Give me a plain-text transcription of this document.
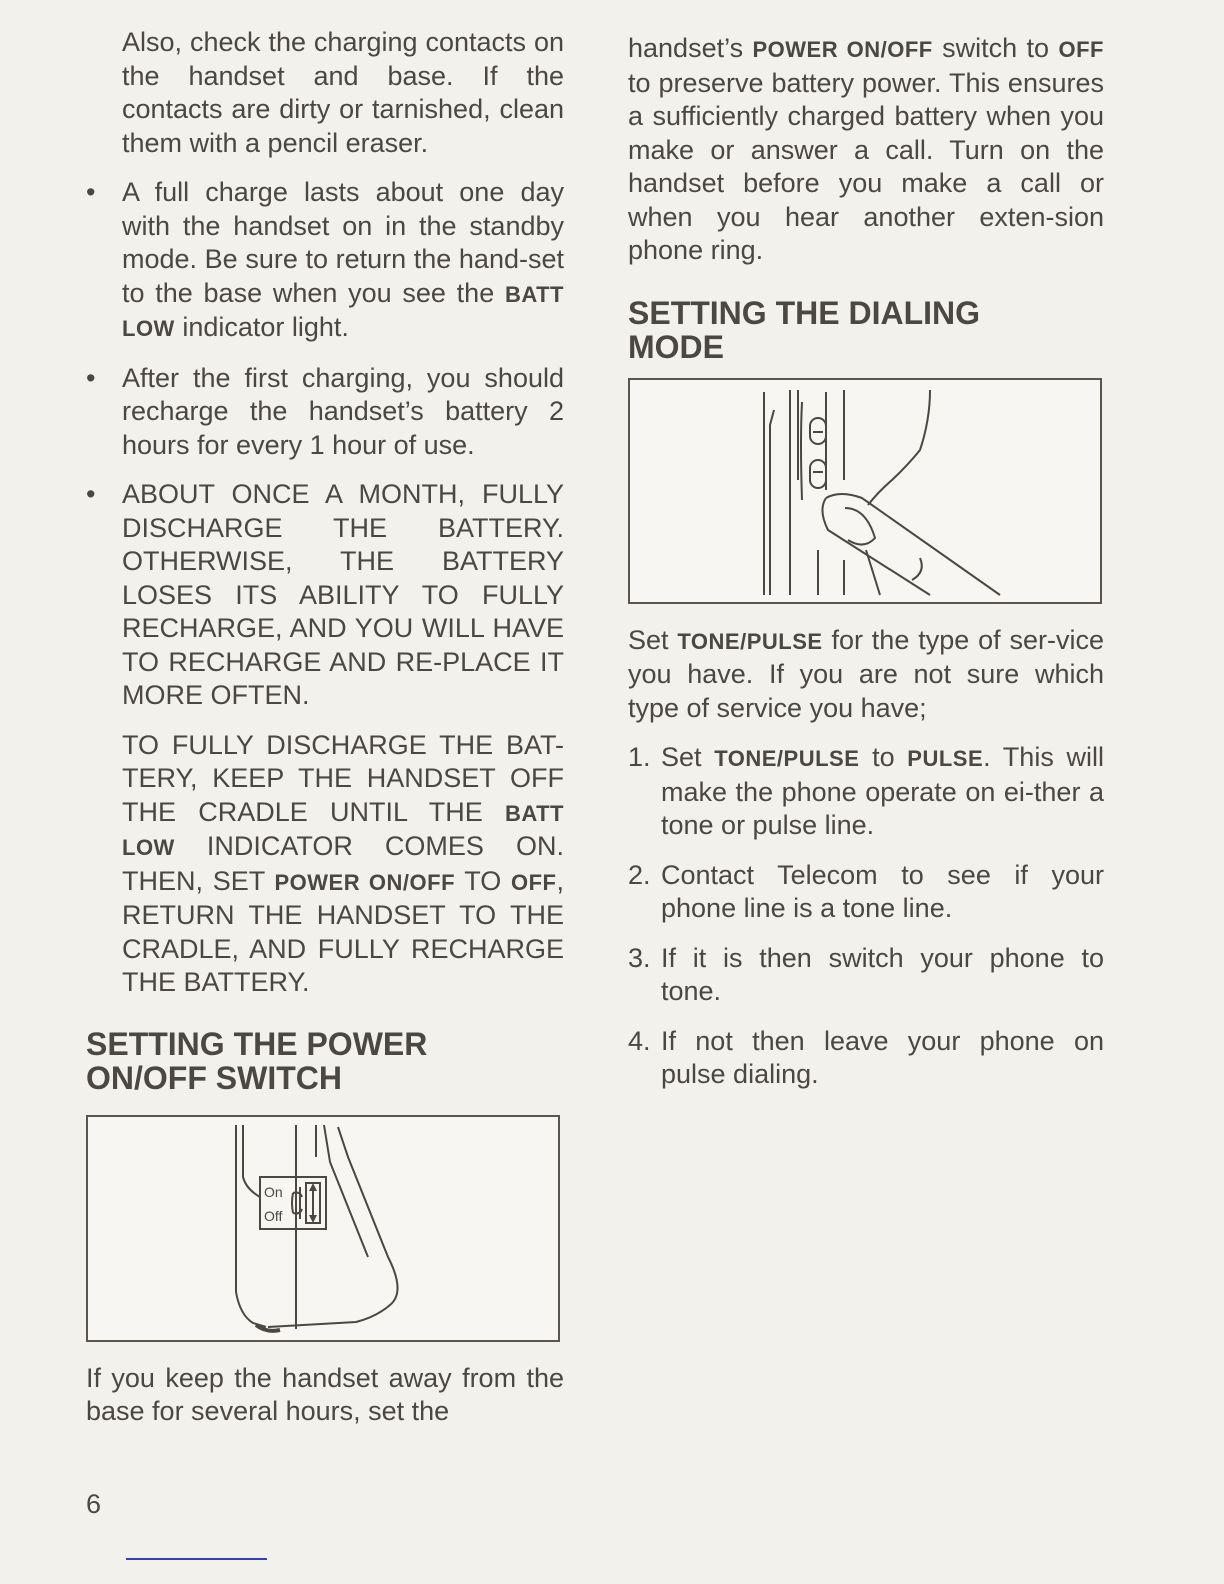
Also, check the charging contacts on the handset and base. If the contacts are dirty or tarnished, clean them with a pencil eraser.

• A full charge lasts about one day with the handset on in the standby mode. Be sure to return the hand-set to the base when you see the BATT LOW indicator light.

• After the first charging, you should recharge the handset’s battery 2 hours for every 1 hour of use.

• ABOUT ONCE A MONTH, FULLY DISCHARGE THE BATTERY. OTHERWISE, THE BATTERY LOSES ITS ABILITY TO FULLY RECHARGE, AND YOU WILL HAVE TO RECHARGE AND RE-PLACE IT MORE OFTEN.

TO FULLY DISCHARGE THE BAT-TERY, KEEP THE HANDSET OFF THE CRADLE UNTIL THE BATT LOW INDICATOR COMES ON. THEN, SET POWER ON/OFF TO OFF, RETURN THE HANDSET TO THE CRADLE, AND FULLY RECHARGE THE BATTERY.

SETTING THE POWER ON/OFF SWITCH
On
Off

If you keep the handset away from the base for several hours, set the

handset’s POWER ON/OFF switch to OFF to preserve battery power. This ensures a sufficiently charged battery when you make or answer a call. Turn on the handset before you make a call or when you hear another exten-sion phone ring.

SETTING THE DIALING MODE

Set TONE/PULSE for the type of ser-vice you have. If you are not sure which type of service you have;

1. Set TONE/PULSE to PULSE. This will make the phone operate on ei-ther a tone or pulse line.

2. Contact Telecom to see if your phone line is a tone line.

3. If it is then switch your phone to tone.

4. If not then leave your phone on pulse dialing.

6
